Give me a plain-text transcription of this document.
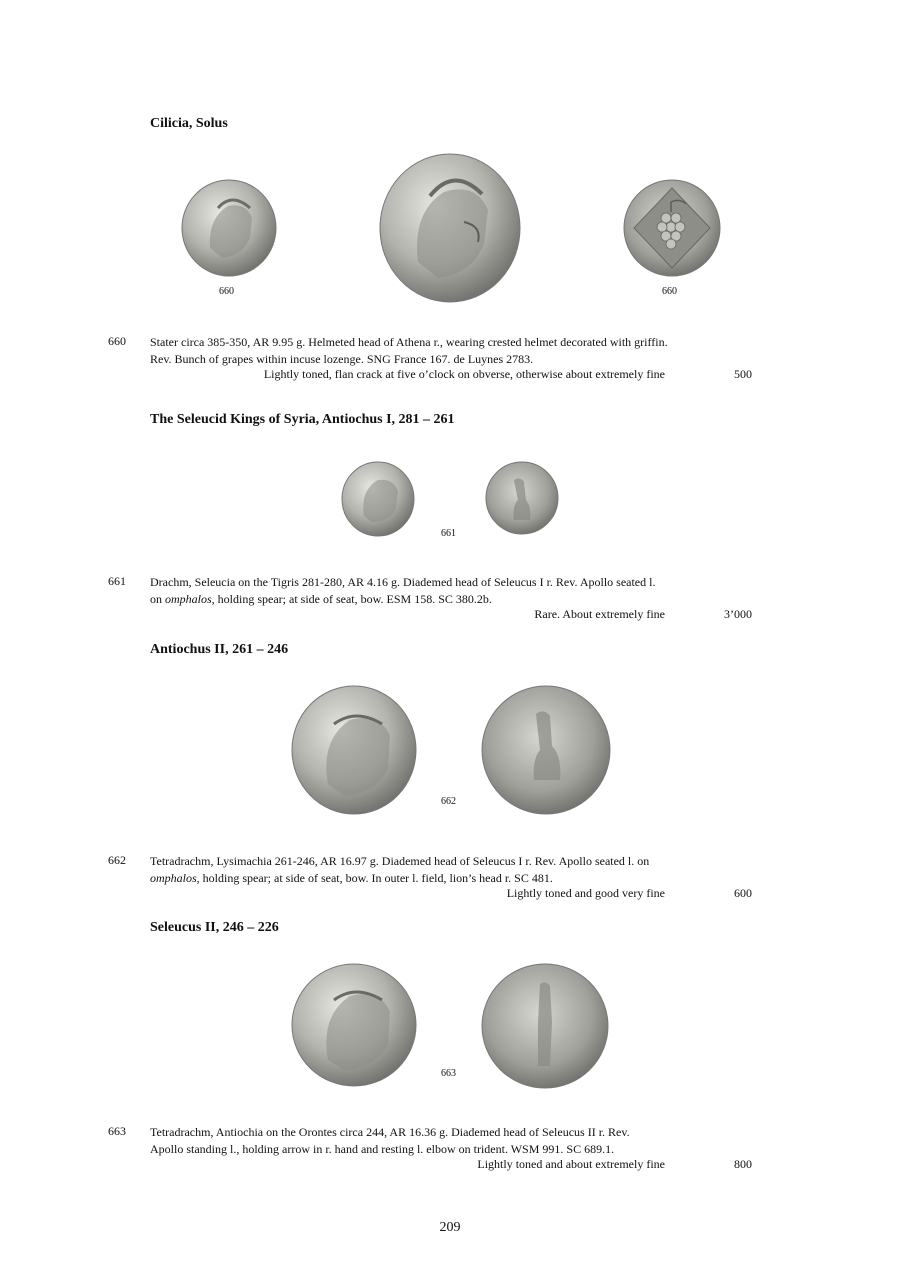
Cilicia, Solus
660	660
660 Stater circa 385-350, AR 9.95 g. Helmeted head of Athena r., wearing crested helmet decorated with griffin.

Rev. Bunch of grapes within incuse lozenge. SNG France 167. de Luynes 2783.

Lightly toned, flan crack at five o’clock on obverse, otherwise about extremely fine	500
The Seleucid Kings of Syria, Antiochus I, 281 – 261
661
661 Drachm, Seleucia on the Tigris 281-280, AR 4.16 g. Diademed head of Seleucus I r. Rev. Apollo seated l.

on omphalos, holding spear; at side of seat, bow. ESM 158. SC 380.2b.

Rare. About extremely fine	3’000
Antiochus II, 261 – 246
662
662 Tetradrachm, Lysimachia 261-246, AR 16.97 g. Diademed head of Seleucus I r. Rev. Apollo seated l. on

omphalos, holding spear; at side of seat, bow. In outer l. field, lion’s head r. SC 481.

Lightly toned and good very fine	600
Seleucus II, 246 – 226
663
663 Tetradrachm, Antiochia on the Orontes circa 244, AR 16.36 g. Diademed head of Seleucus II r. Rev.

Apollo standing l., holding arrow in r. hand and resting l. elbow on trident. WSM 991. SC 689.1.

Lightly toned and about extremely fine	800
209
